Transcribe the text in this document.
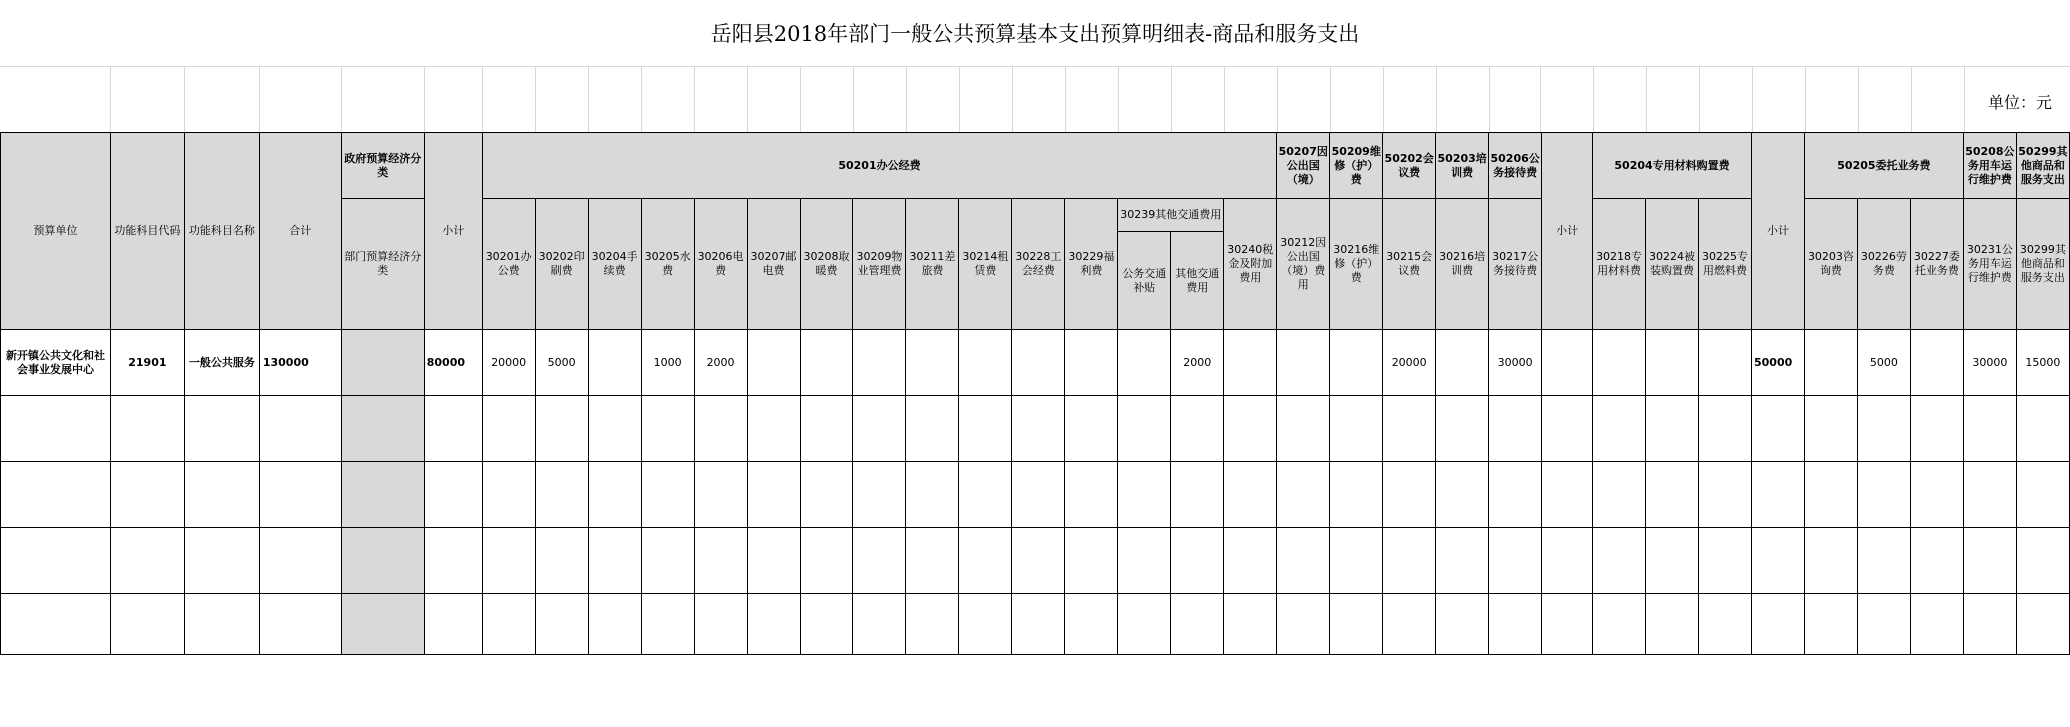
岳阳县2018年部门一般公共预算基本支出预算明细表-商品和服务支出
单位：元
预算单位	功能科目代码	功能科目名称	合计	政府预算经济分类	小计	50201办公经费															50207因公出国（境）	50209维修（护）费	50202会议费	50203培训费	50206公务接待费	小计	50204专用材料购置费			小计	50205委托业务费			50208公务用车运行维护费	50299其他商品和服务支出
				部门预算经济分类		30201办公费	30202印刷费	30204手续费	30205水费	30206电费	30207邮电费	30208取暖费	30209物业管理费	30211差旅费	30214租赁费	30228工会经费	30229福利费	30239其他交通费用		30240税金及附加费用	30212因公出国（境）费用	30216维修（护）费	30215会议费	30216培训费	30217公务接待费		30218专用材料费	30224被装购置费	30225专用燃料费		30203咨询费	30226劳务费	30227委托业务费	30231公务用车运行维护费	30299其他商品和服务支出
																		公务交通补贴	其他交通费用																

新开镇公共文化和社会事业发展中心	21901	一般公共服务	130000		80000	20000	5000		1000	2000									2000				20000		30000					50000		5000		30000	15000
